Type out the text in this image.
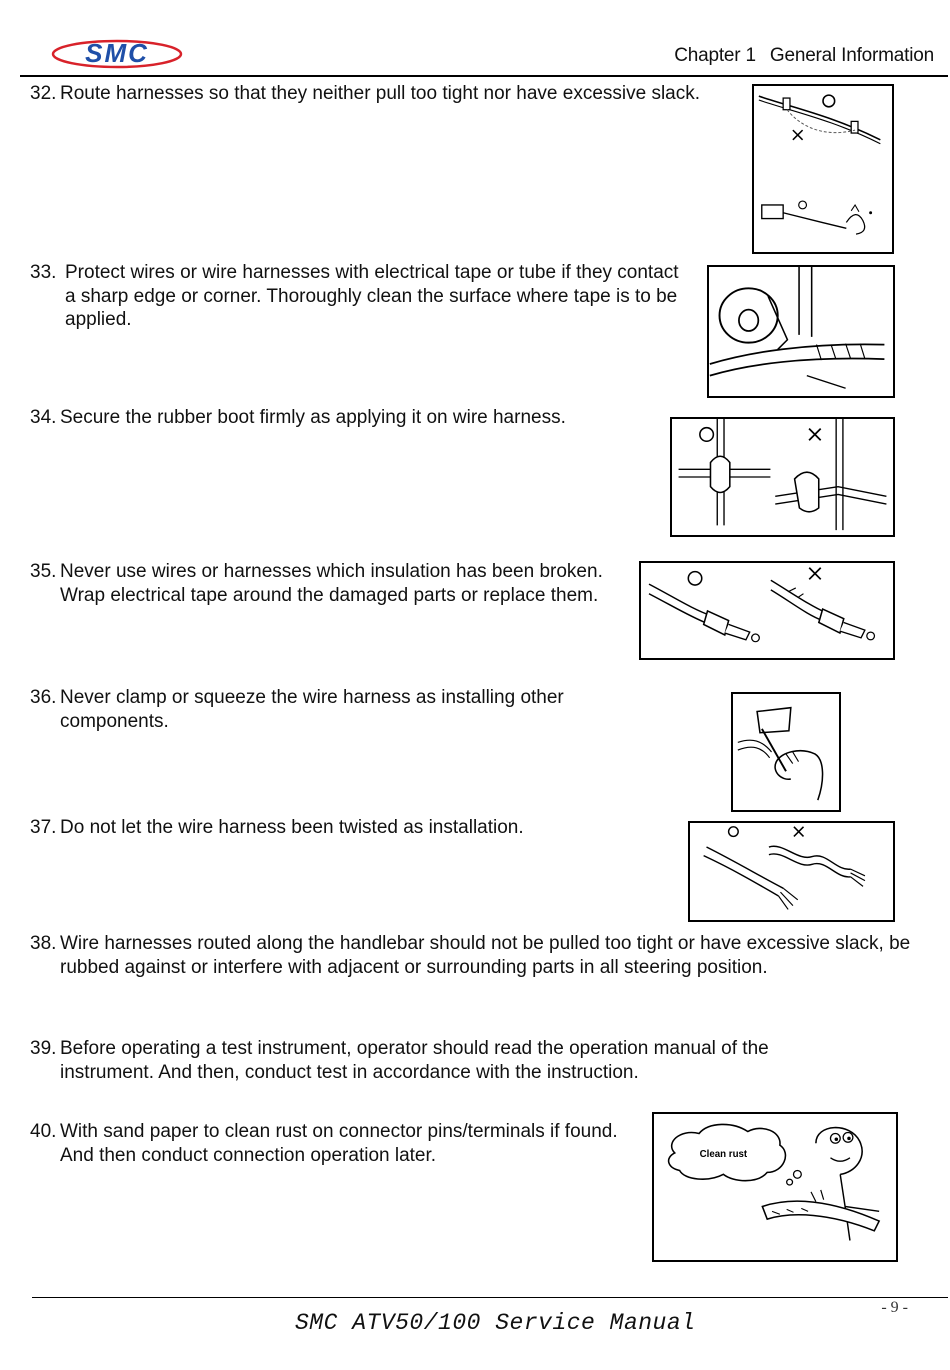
SMC	Chapter 1 General Information
32. Route harnesses so that they neither pull too tight nor have excessive slack.
33. Protect wires or wire harnesses with electrical tape or tube if they contact a sharp edge or corner. Thoroughly clean the surface where tape is to be applied.
34. Secure the rubber boot firmly as applying it on wire harness.
35. Never use wires or harnesses which insulation has been broken. Wrap electrical tape around the damaged parts or replace them.
36. Never clamp or squeeze the wire harness as installing other components.
37. Do not let the wire harness been twisted as installation.
38. Wire harnesses routed along the handlebar should not be pulled too tight or have excessive slack, be rubbed against or interfere with adjacent or surrounding parts in all steering position.
39. Before operating a test instrument, operator should read the operation manual of the instrument. And then, conduct test in accordance with the instruction.
40. With sand paper to clean rust on connector pins/terminals if found. And then conduct connection operation later.	Clean rust
- 9 -
SMC ATV50/100 Service Manual
